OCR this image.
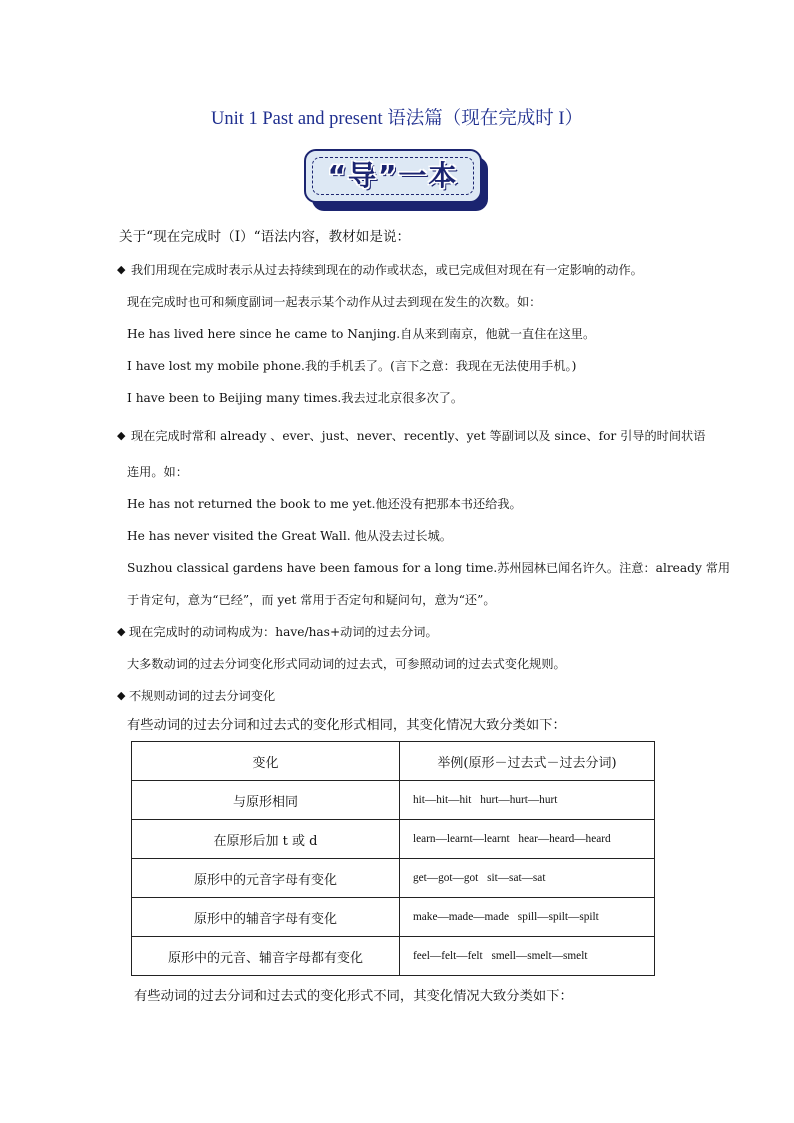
Unit 1 Past and present 语法篇（现在完成时 I）
“导”一本
关于“现在完成时（I）“语法内容，教材如是说：
◆ 我们用现在完成时表示从过去持续到现在的动作或状态，或已完成但对现在有一定影响的动作。
现在完成时也可和频度副词一起表示某个动作从过去到现在发生的次数。如：
He has lived here since he came to Nanjing.自从来到南京，他就一直住在这里。
I have lost my mobile phone.我的手机丢了。(言下之意：我现在无法使用手机。)
I have been to Beijing many times.我去过北京很多次了。
◆ 现在完成时常和 already 、ever、just、never、recently、yet 等副词以及 since、for 引导的时间状语
连用。如：
He has not returned the book to me yet.他还没有把那本书还给我。
He has never visited the Great Wall. 他从没去过长城。
Suzhou classical gardens have been famous for a long time.苏州园林已闻名许久。注意：already 常用
于肯定句，意为“已经”，而 yet 常用于否定句和疑问句，意为“还”。
◆ 现在完成时的动词构成为：have/has+动词的过去分词。
大多数动词的过去分词变化形式同动词的过去式，可参照动词的过去式变化规则。
◆ 不规则动词的过去分词变化
有些动词的过去分词和过去式的变化形式相同，其变化情况大致分类如下：
变化	举例(原形－过去式－过去分词)
与原形相同	hit—hit—hit hurt—hurt—hurt
在原形后加 t 或 d	learn—learnt—learnt hear—heard—heard
原形中的元音字母有变化	get—got—got sit—sat—sat
原形中的辅音字母有变化	make—made—made spill—spilt—spilt
原形中的元音、辅音字母都有变化	feel—felt—felt smell—smelt—smelt
有些动词的过去分词和过去式的变化形式不同，其变化情况大致分类如下：
